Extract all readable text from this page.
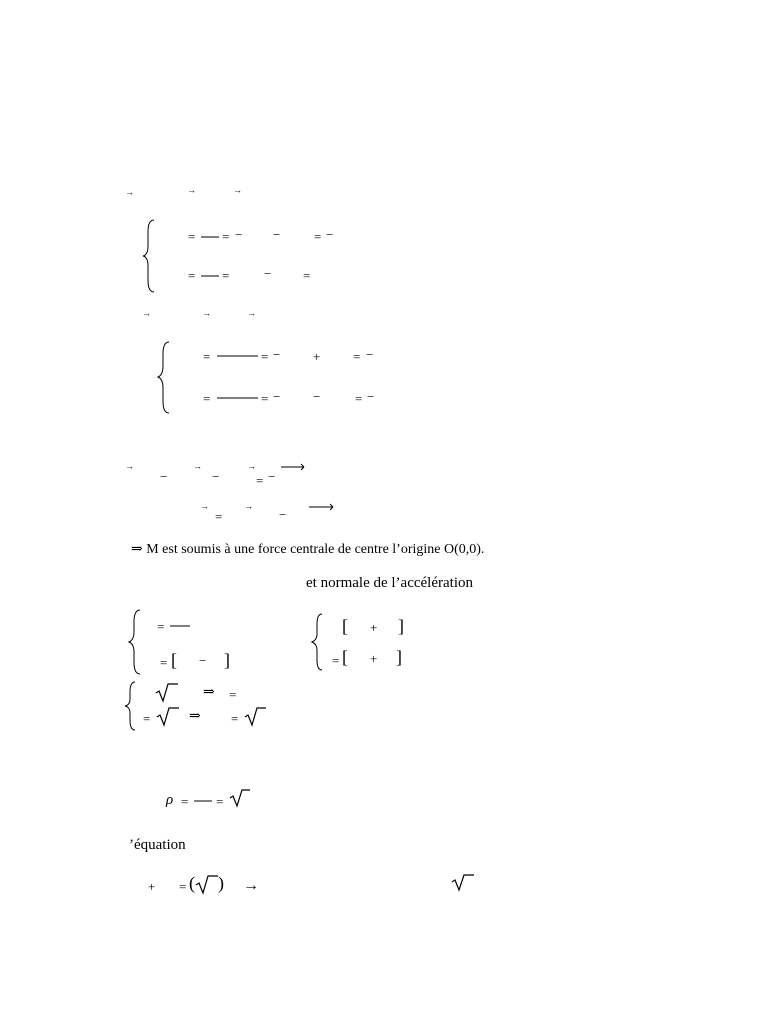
→	→	→
= = − −	= −
= =	− =
→	→	→
=	= −	+	= −
=	= −	−	= −
→
−
→
−
→
= −
→
=
→
−
⇒ M est soumis à une force centrale de centre l’origine O(0,0).
et normale de l’accélération
=
= [ − ]
[ + ]
= [ + ]
⇒ =
=	⇒ =
ρ = =
’équation
+ = ( ) →
